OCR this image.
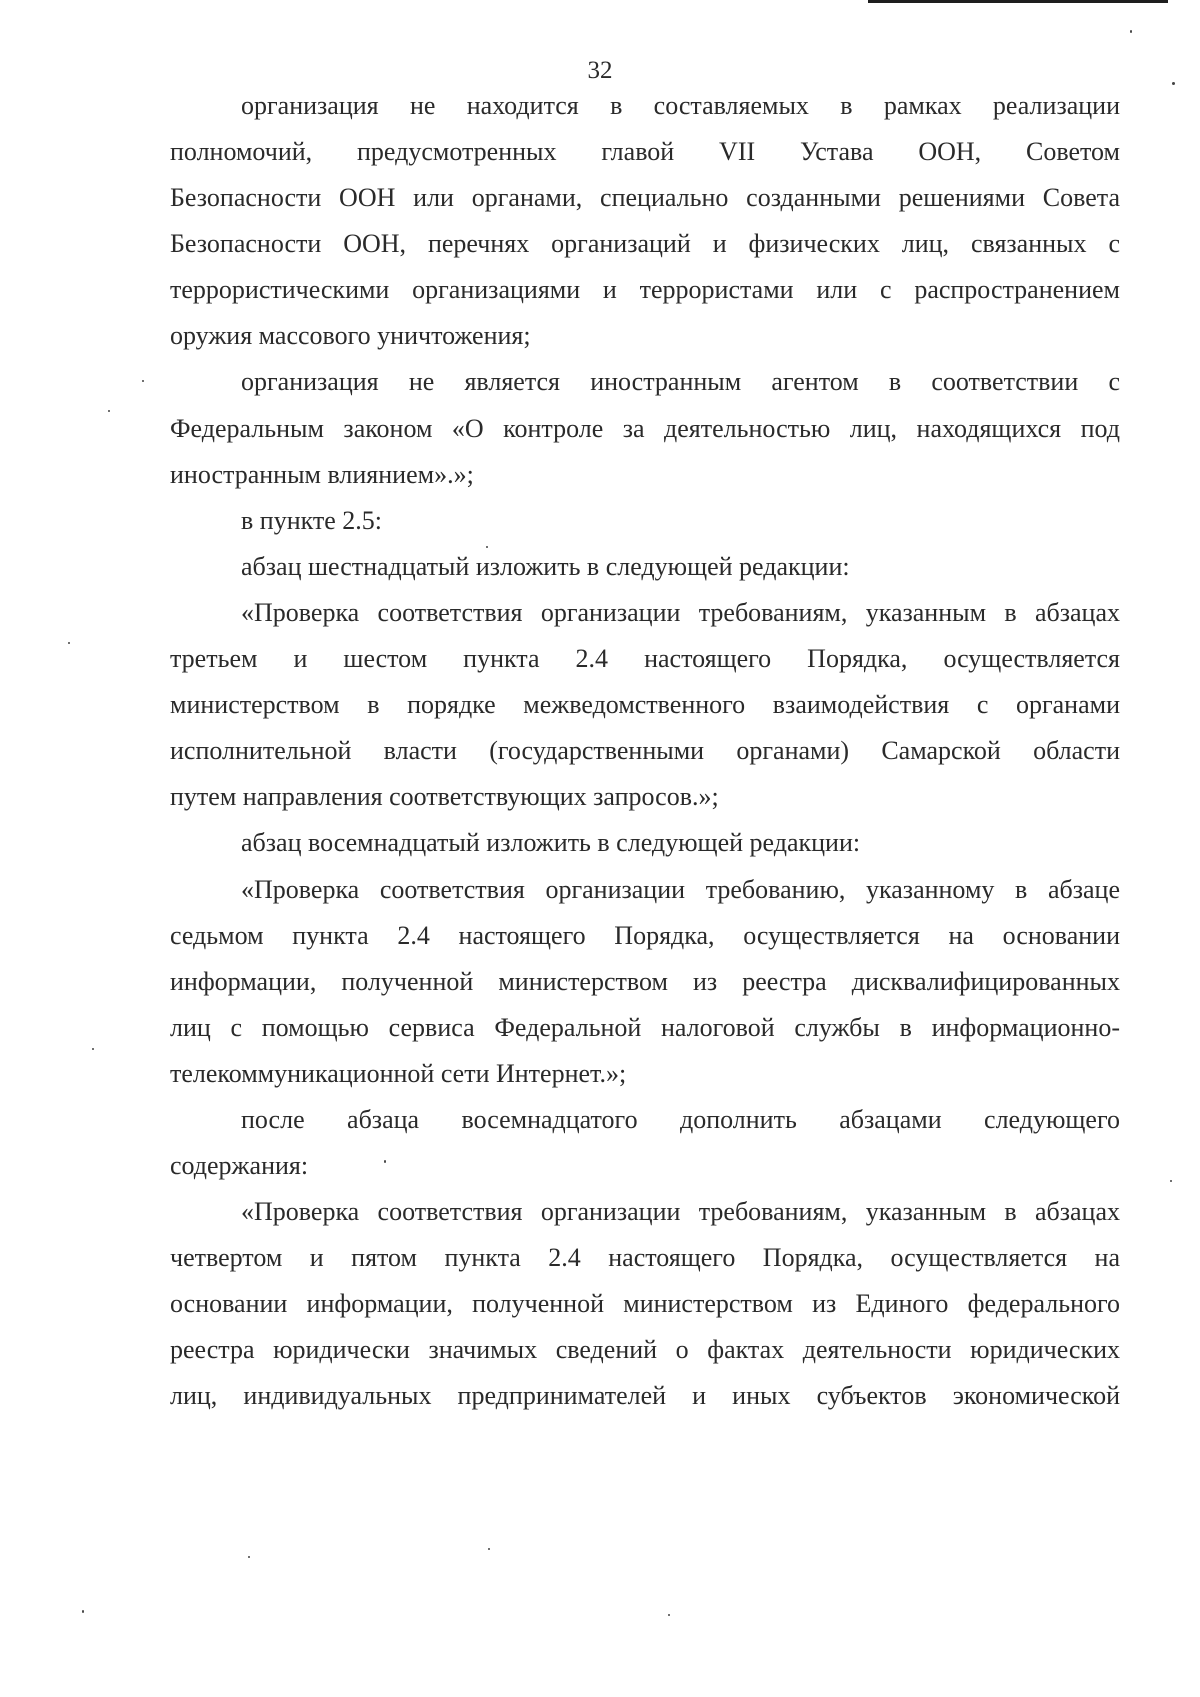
32
организация не находится в составляемых в рамках реализации
полномочий, предусмотренных главой VII Устава ООН, Советом
Безопасности ООН или органами, специально созданными решениями Совета
Безопасности ООН, перечнях организаций и физических лиц, связанных с
террористическими организациями и террористами или с распространением
оружия массового уничтожения;
организация не является иностранным агентом в соответствии с
Федеральным законом «О контроле за деятельностью лиц, находящихся под
иностранным влиянием».»;
в пункте 2.5:
абзац шестнадцатый изложить в следующей редакции:
«Проверка соответствия организации требованиям, указанным в абзацах
третьем и шестом пункта 2.4 настоящего Порядка, осуществляется
министерством в порядке межведомственного взаимодействия с органами
исполнительной власти (государственными органами) Самарской области
путем направления соответствующих запросов.»;
абзац восемнадцатый изложить в следующей редакции:
«Проверка соответствия организации требованию, указанному в абзаце
седьмом пункта 2.4 настоящего Порядка, осуществляется на основании
информации, полученной министерством из реестра дисквалифицированных
лиц с помощью сервиса Федеральной налоговой службы в информационно-
телекоммуникационной сети Интернет.»;
после абзаца восемнадцатого дополнить абзацами следующего
содержания:
«Проверка соответствия организации требованиям, указанным в абзацах
четвертом и пятом пункта 2.4 настоящего Порядка, осуществляется на
основании информации, полученной министерством из Единого федерального
реестра юридически значимых сведений о фактах деятельности юридических
лиц, индивидуальных предпринимателей и иных субъектов экономической
